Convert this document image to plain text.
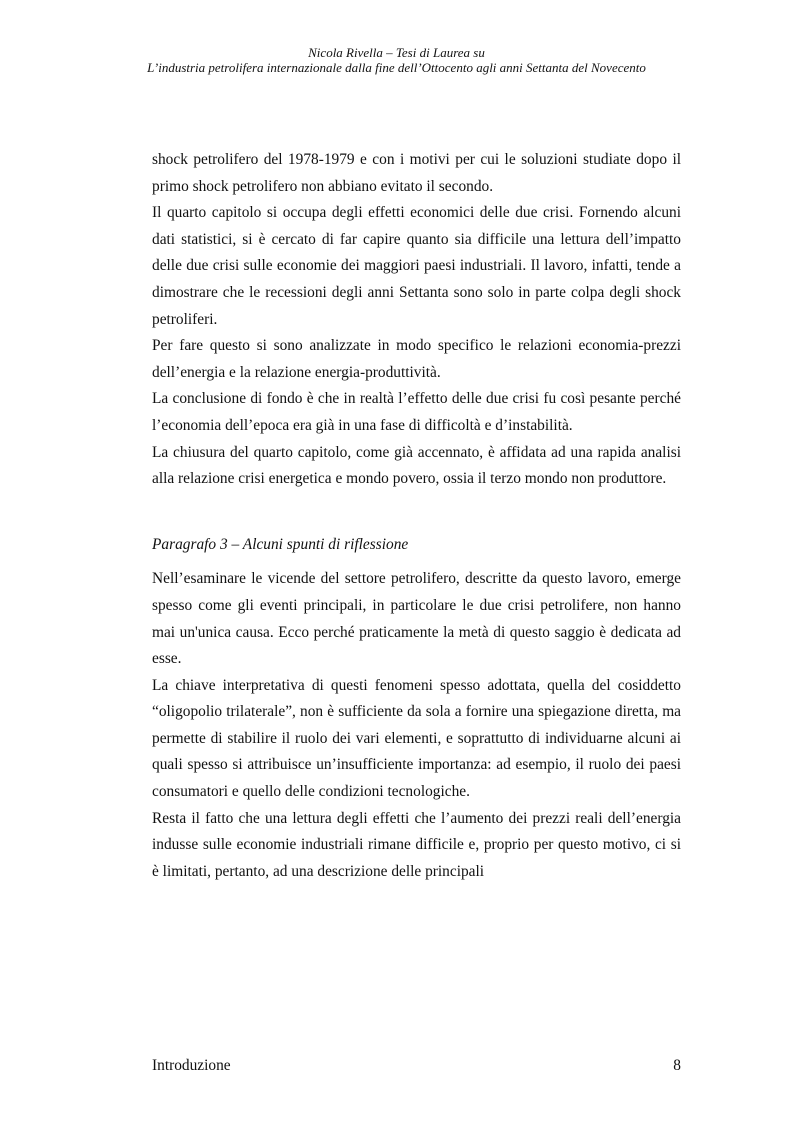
Nicola Rivella – Tesi di Laurea su
L’industria petrolifera internazionale dalla fine dell’Ottocento agli anni Settanta del Novecento

shock petrolifero del 1978-1979 e con i motivi per cui le soluzioni studiate dopo il primo shock petrolifero non abbiano evitato il secondo.

Il quarto capitolo si occupa degli effetti economici delle due crisi. Fornendo alcuni dati statistici, si è cercato di far capire quanto sia difficile una lettura dell’impatto delle due crisi sulle economie dei maggiori paesi industriali. Il lavoro, infatti, tende a dimostrare che le recessioni degli anni Settanta sono solo in parte colpa degli shock petroliferi.

Per fare questo si sono analizzate in modo specifico le relazioni economia-prezzi dell’energia e la relazione energia-produttività.

La conclusione di fondo è che in realtà l’effetto delle due crisi fu così pesante perché l’economia dell’epoca era già in una fase di difficoltà e d’instabilità.

La chiusura del quarto capitolo, come già accennato, è affidata ad una rapida analisi alla relazione crisi energetica e mondo povero, ossia il terzo mondo non produttore.

Paragrafo 3 – Alcuni spunti di riflessione

Nell’esaminare le vicende del settore petrolifero, descritte da questo lavoro, emerge spesso come gli eventi principali, in particolare le due crisi petrolifere, non hanno mai un'unica causa. Ecco perché praticamente la metà di questo saggio è dedicata ad esse.

La chiave interpretativa di questi fenomeni spesso adottata, quella del cosiddetto “oligopolio trilaterale”, non è sufficiente da sola a fornire una spiegazione diretta, ma permette di stabilire il ruolo dei vari elementi, e soprattutto di individuarne alcuni ai quali spesso si attribuisce un’insufficiente importanza: ad esempio, il ruolo dei paesi consumatori e quello delle condizioni tecnologiche.

Resta il fatto che una lettura degli effetti che l’aumento dei prezzi reali dell’energia indusse sulle economie industriali rimane difficile e, proprio per questo motivo, ci si è limitati, pertanto, ad una descrizione delle principali

Introduzione	8
